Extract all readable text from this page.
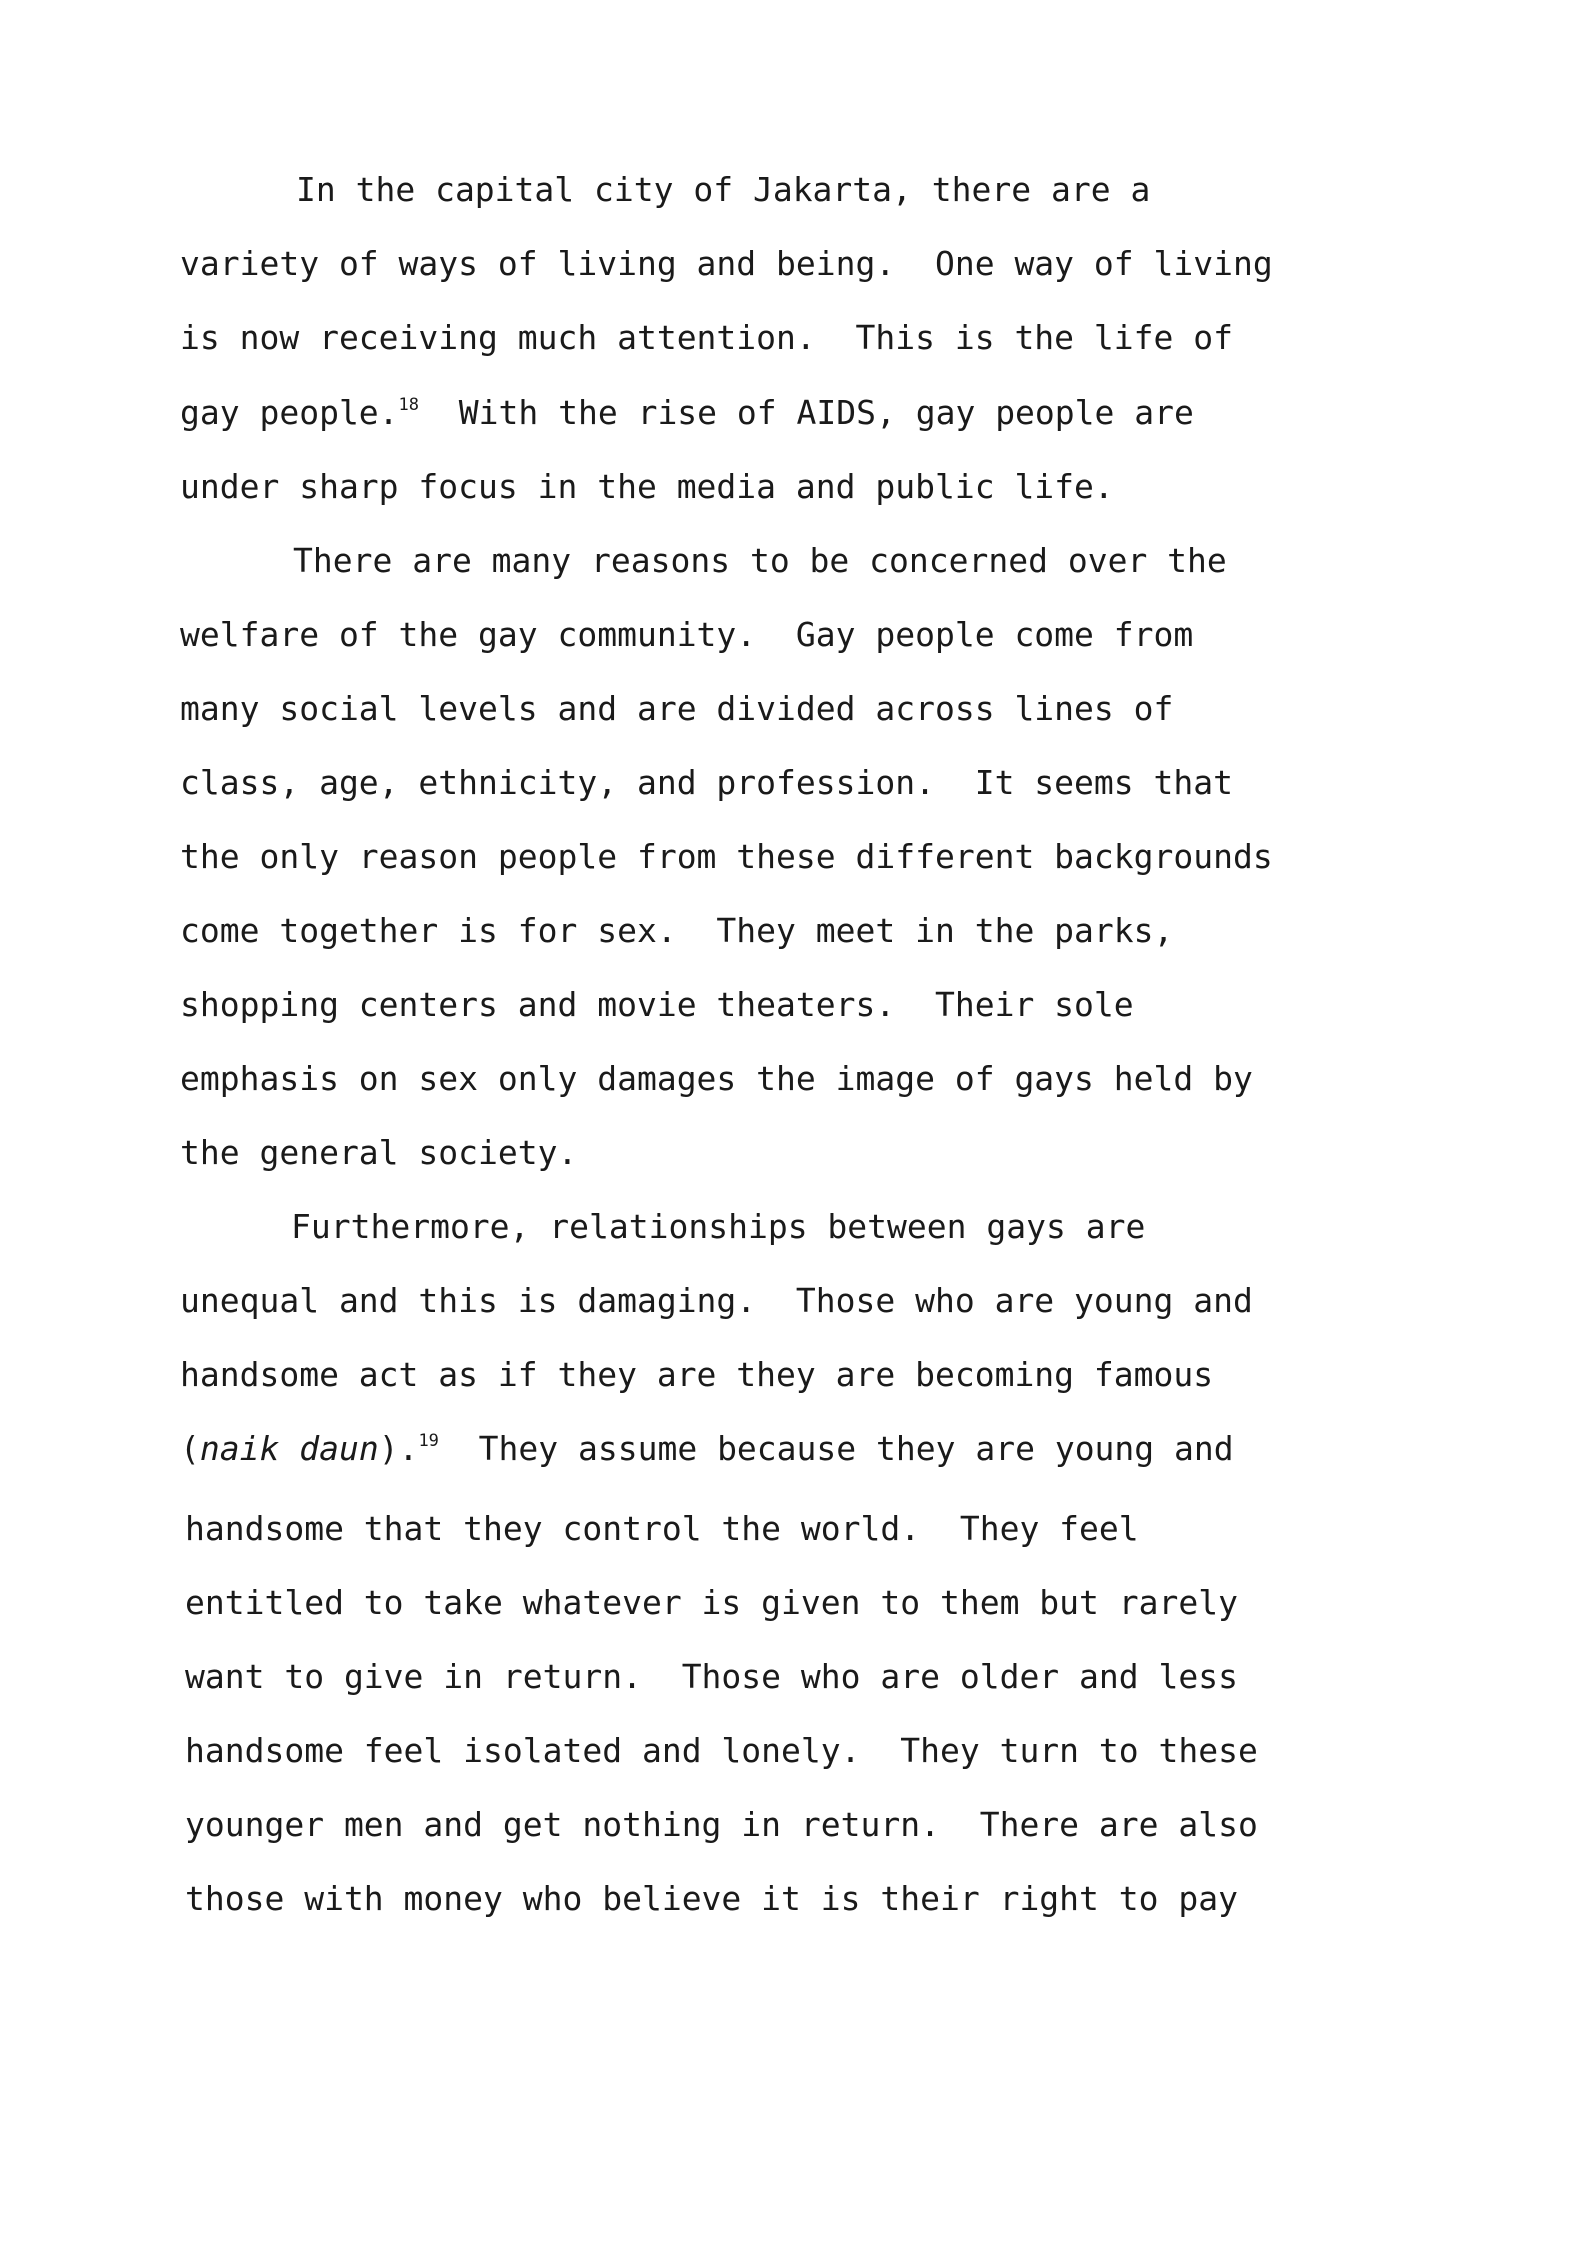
In the capital city of Jakarta, there are a
variety of ways of living and being.  One way of living
is now receiving much attention.  This is the life of
gay people.$^{18}$  With the rise of AIDS, gay people are
under sharp focus in the media and public life.
There are many reasons to be concerned over the
welfare of the gay community.  Gay people come from
many social levels and are divided across lines of
class, age, ethnicity, and profession.  It seems that
the only reason people from these different backgrounds
come together is for sex.  They meet in the parks,
shopping centers and movie theaters.  Their sole
emphasis on sex only damages the image of gays held by
the general society.
Furthermore, relationships between gays are
unequal and this is damaging.  Those who are young and
handsome act as if they are they are becoming famous
(naik daun).$^{19}$  They assume because they are young and
handsome that they control the world.  They feel
entitled to take whatever is given to them but rarely
want to give in return.  Those who are older and less
handsome feel isolated and lonely.  They turn to these
younger men and get nothing in return.  There are also
those with money who believe it is their right to pay
